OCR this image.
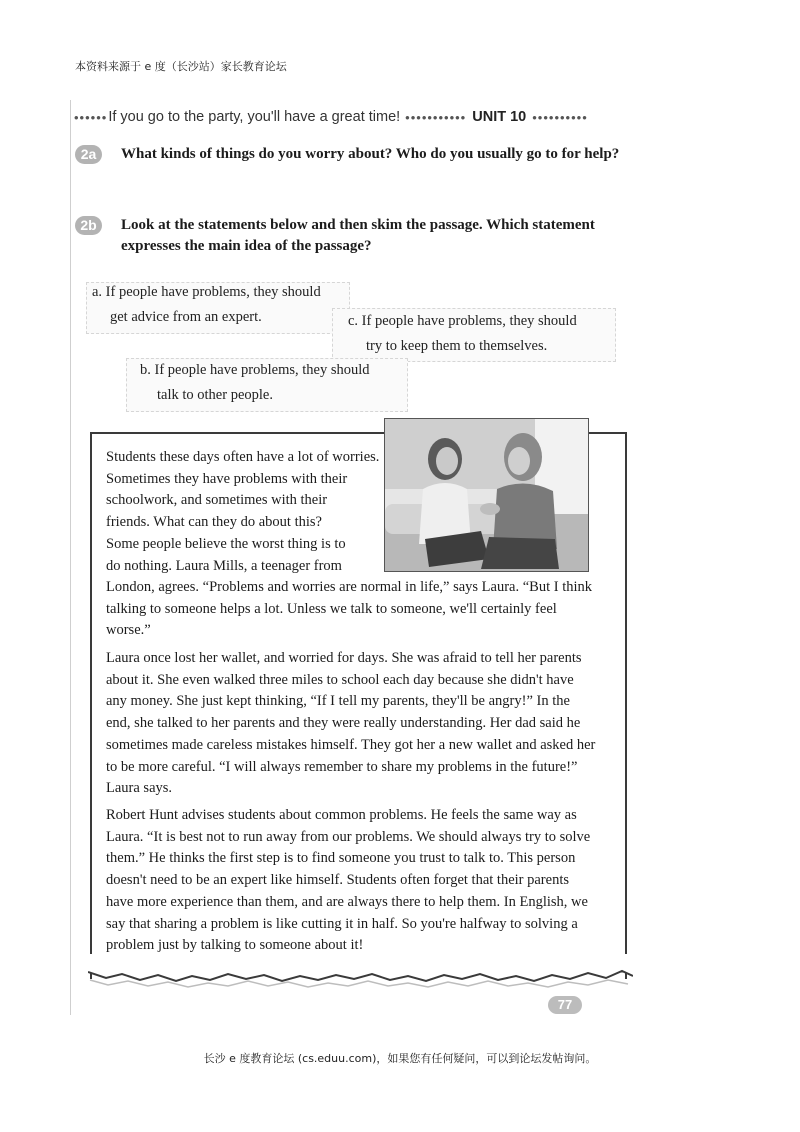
本资料来源于 e 度（长沙站）家长教育论坛
•••••• If you go to the party, you'll have a great time! ••••••••••• UNIT 10 ••••••••••
2a	What kinds of things do you worry about? Who do you usually go to for help?
2b	Look at the statements below and then skim the passage. Which statement expresses the main idea of the passage?
a. If people have problems, they should
get advice from an expert.	c. If people have problems, they should
try to keep them to themselves.
b. If people have problems, they should
talk to other people.
Students these days often have a lot of worries.
Sometimes they have problems with their
schoolwork, and sometimes with their
friends. What can they do about this?
Some people believe the worst thing is to
do nothing. Laura Mills, a teenager from
London, agrees. “Problems and worries are normal in life,” says Laura. “But I think talking to someone helps a lot. Unless we talk to someone, we'll certainly feel worse.”
Laura once lost her wallet, and worried for days. She was afraid to tell her parents about it. She even walked three miles to school each day because she didn't have any money. She just kept thinking, “If I tell my parents, they'll be angry!” In the end, she talked to her parents and they were really understanding. Her dad said he sometimes made careless mistakes himself. They got her a new wallet and asked her to be more careful. “I will always remember to share my problems in the future!” Laura says.
Robert Hunt advises students about common problems. He feels the same way as Laura. “It is best not to run away from our problems. We should always try to solve them.” He thinks the first step is to find someone you trust to talk to. This person doesn't need to be an expert like himself. Students often forget that their parents have more experience than them, and are always there to help them. In English, we say that sharing a problem is like cutting it in half. So you're halfway to solving a problem just by talking to someone about it!
77
长沙 e 度教育论坛 (cs.eduu.com)，如果您有任何疑问，可以到论坛发帖询问。
